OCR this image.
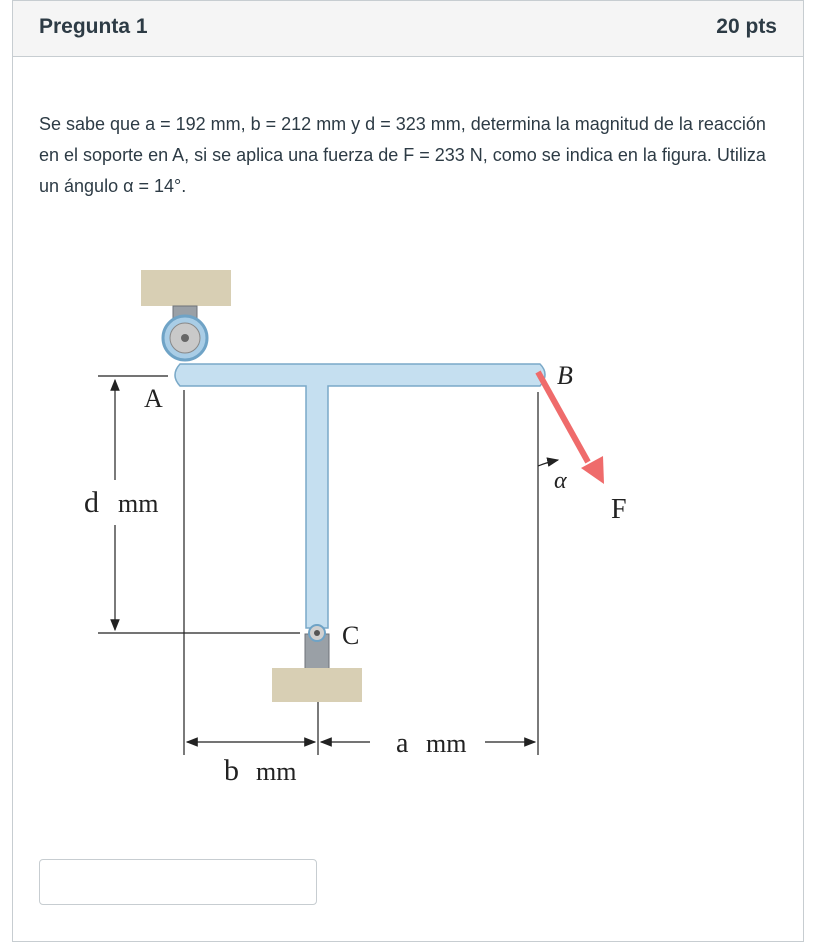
Pregunta 1	20 pts
Se sabe que a = 192 mm, b = 212 mm y d = 323 mm, determina la magnitud de la reacción en el soporte en A, si se aplica una fuerza de F = 233 N, como se indica en la figura. Utiliza un ángulo α = 14°.
A
B
C
F
α
d mm
b mm
a mm
